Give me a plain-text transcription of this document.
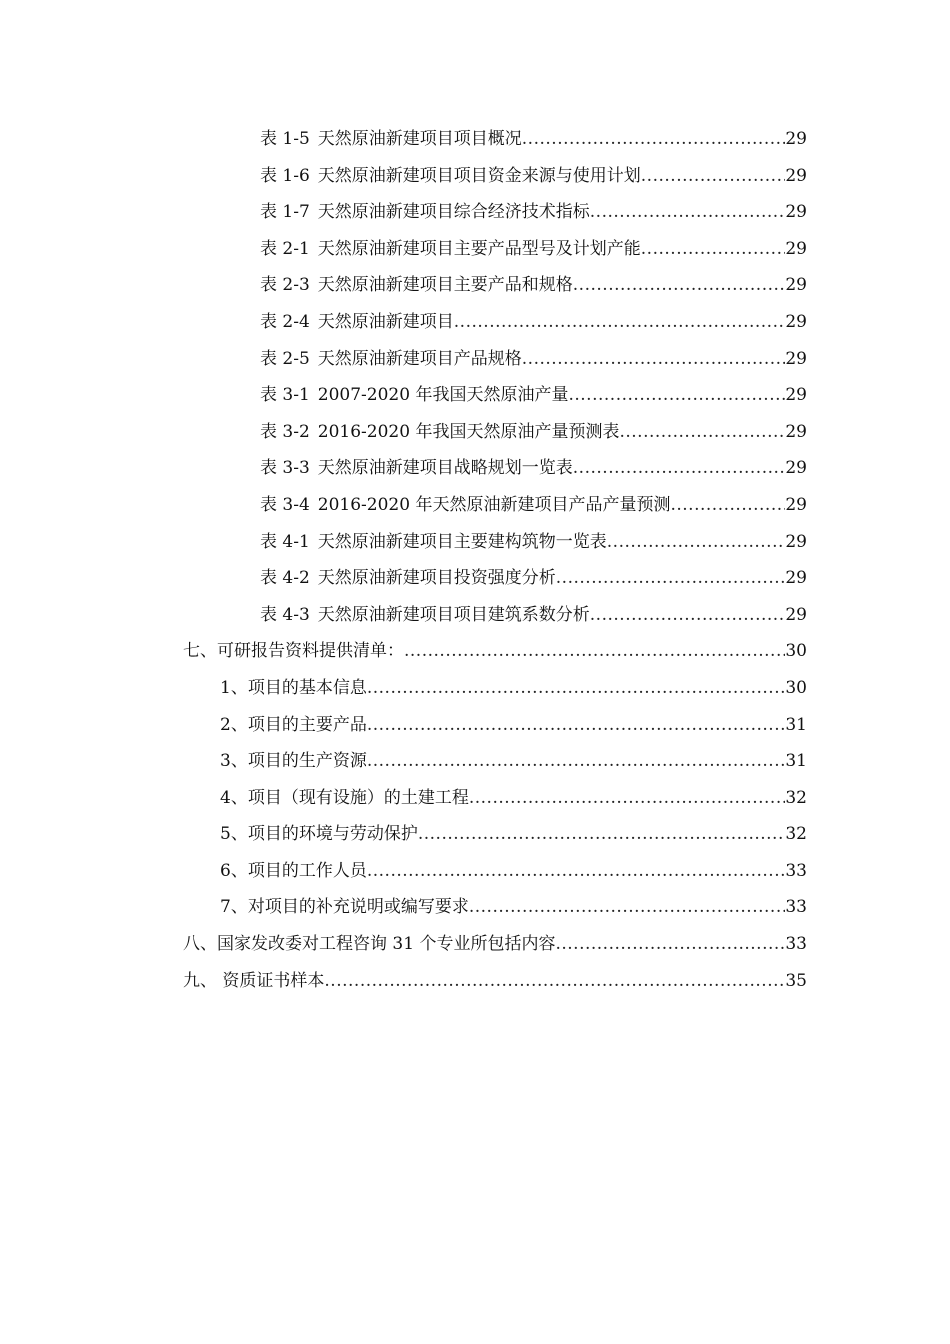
表 1-5 天然原油新建项目项目概况 .....	29
表 1-6 天然原油新建项目项目资金来源与使用计划 .....	29
表 1-7 天然原油新建项目综合经济技术指标 .....	29
表 2-1 天然原油新建项目主要产品型号及计划产能 .....	29
表 2-3 天然原油新建项目主要产品和规格 .....	29
表 2-4 天然原油新建项目 .....	29
表 2-5 天然原油新建项目产品规格 .....	29
表 3-1 2007-2020 年我国天然原油产量 .....	29
表 3-2 2016-2020 年我国天然原油产量预测表 .....	29
表 3-3 天然原油新建项目战略规划一览表 .....	29
表 3-4 2016-2020 年天然原油新建项目产品产量预测 .....	29
表 4-1 天然原油新建项目主要建构筑物一览表 .....	29
表 4-2 天然原油新建项目投资强度分析 .....	29
表 4-3 天然原油新建项目项目建筑系数分析 .....	29
七、可研报告资料提供清单： .....	30
1、项目的基本信息 .....	30
2、项目的主要产品 .....	31
3、项目的生产资源 .....	31
4、项目（现有设施）的土建工程 .....	32
5、项目的环境与劳动保护 .....	32
6、项目的工作人员 .....	33
7、对项目的补充说明或编写要求 .....	33
八、国家发改委对工程咨询 31 个专业所包括内容 .....	33
九、 资质证书样本 .....	35
